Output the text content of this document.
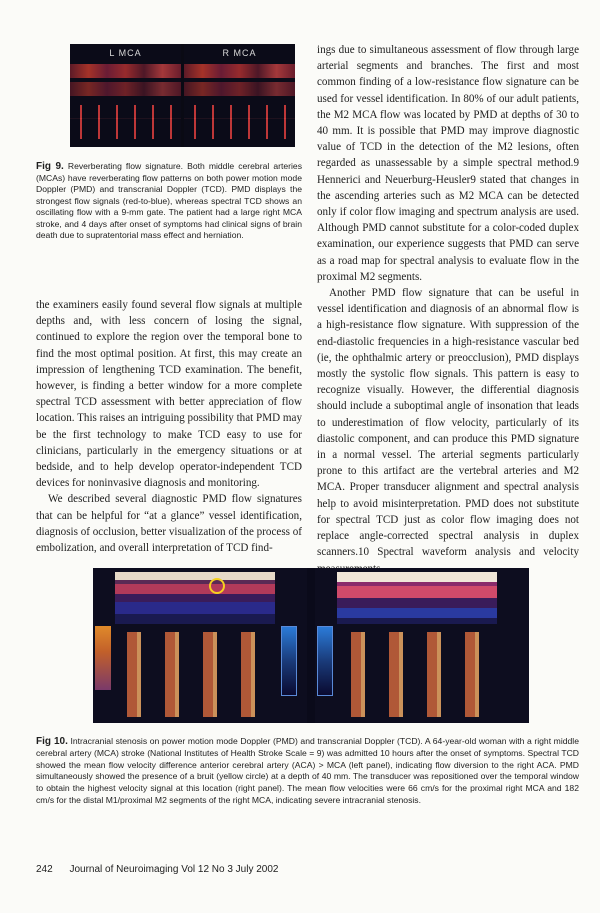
L MCA	R MCA
Fig 9. Reverberating flow signature. Both middle cerebral arteries (MCAs) have reverberating flow patterns on both power motion mode Doppler (PMD) and transcranial Doppler (TCD). PMD displays the strongest flow signals (red-to-blue), whereas spectral TCD shows an oscillating flow with a 9-mm gate. The patient had a large right MCA stroke, and 4 days after onset of symptoms had clinical signs of brain death due to supratentorial mass effect and herniation.

the examiners easily found several flow signals at multiple depths and, with less concern of losing the signal, continued to explore the region over the temporal bone to find the most optimal position. At first, this may create an impression of lengthening TCD examination. The benefit, however, is finding a better window for a more complete spectral TCD assessment with better appreciation of flow location. This raises an intriguing possibility that PMD may be the first technology to make TCD easy to use for clinicians, particularly in the emergency situations or at bedside, and to help develop operator-independent TCD devices for noninvasive diagnosis and monitoring.

We described several diagnostic PMD flow signatures that can be helpful for “at a glance” vessel identification, diagnosis of occlusion, better visualization of the process of embolization, and overall interpretation of TCD find-

ings due to simultaneous assessment of flow through large arterial segments and branches. The first and most common finding of a low-resistance flow signature can be used for vessel identification. In 80% of our adult patients, the M2 MCA flow was located by PMD at depths of 30 to 40 mm. It is possible that PMD may improve diagnostic value of TCD in the detection of the M2 lesions, often regarded as unassessable by a simple spectral method.9 Hennerici and Neuerburg-Heusler9 stated that changes in the ascending arteries such as M2 MCA can be detected only if color flow imaging and spectrum analysis are used. Although PMD cannot substitute for a color-coded duplex examination, our experience suggests that PMD can serve as a road map for spectral analysis to evaluate flow in the proximal M2 segments.

Another PMD flow signature that can be useful in vessel identification and diagnosis of an abnormal flow is a high-resistance flow signature. With suppression of the end-diastolic frequencies in a high-resistance vascular bed (ie, the ophthalmic artery or preocclusion), PMD displays mostly the systolic flow signals. This pattern is easy to recognize visually. However, the differential diagnosis should include a suboptimal angle of insonation that leads to underestimation of flow velocity, particularly of its diastolic component, and can produce this PMD signature in a normal vessel. The arterial segments particularly prone to this artifact are the vertebral arteries and M2 MCA. Proper transducer alignment and spectral analysis help to avoid misinterpretation. PMD does not substitute for spectral TCD just as color flow imaging does not replace angle-corrected spectral analysis in duplex scanners.10 Spectral waveform analysis and velocity

Fig 10. Intracranial stenosis on power motion mode Doppler (PMD) and transcranial Doppler (TCD). A 64-year-old woman with a right middle cerebral artery (MCA) stroke (National Institutes of Health Stroke Scale = 9) was admitted 10 hours after the onset of symptoms. Spectral TCD showed the mean flow velocity difference anterior cerebral artery (ACA) > MCA (left panel), indicating flow diversion to the right ACA. PMD simultaneously showed the presence of a bruit (yellow circle) at a depth of 40 mm. The transducer was repositioned over the temporal window to obtain the highest velocity signal at this location (right panel). The mean flow velocities were 66 cm/s for the proximal right MCA and 182 cm/s for the distal M1/proximal M2 segments of the right MCA, indicating severe intracranial stenosis.
242 Journal of Neuroimaging Vol 12 No 3 July 2002
